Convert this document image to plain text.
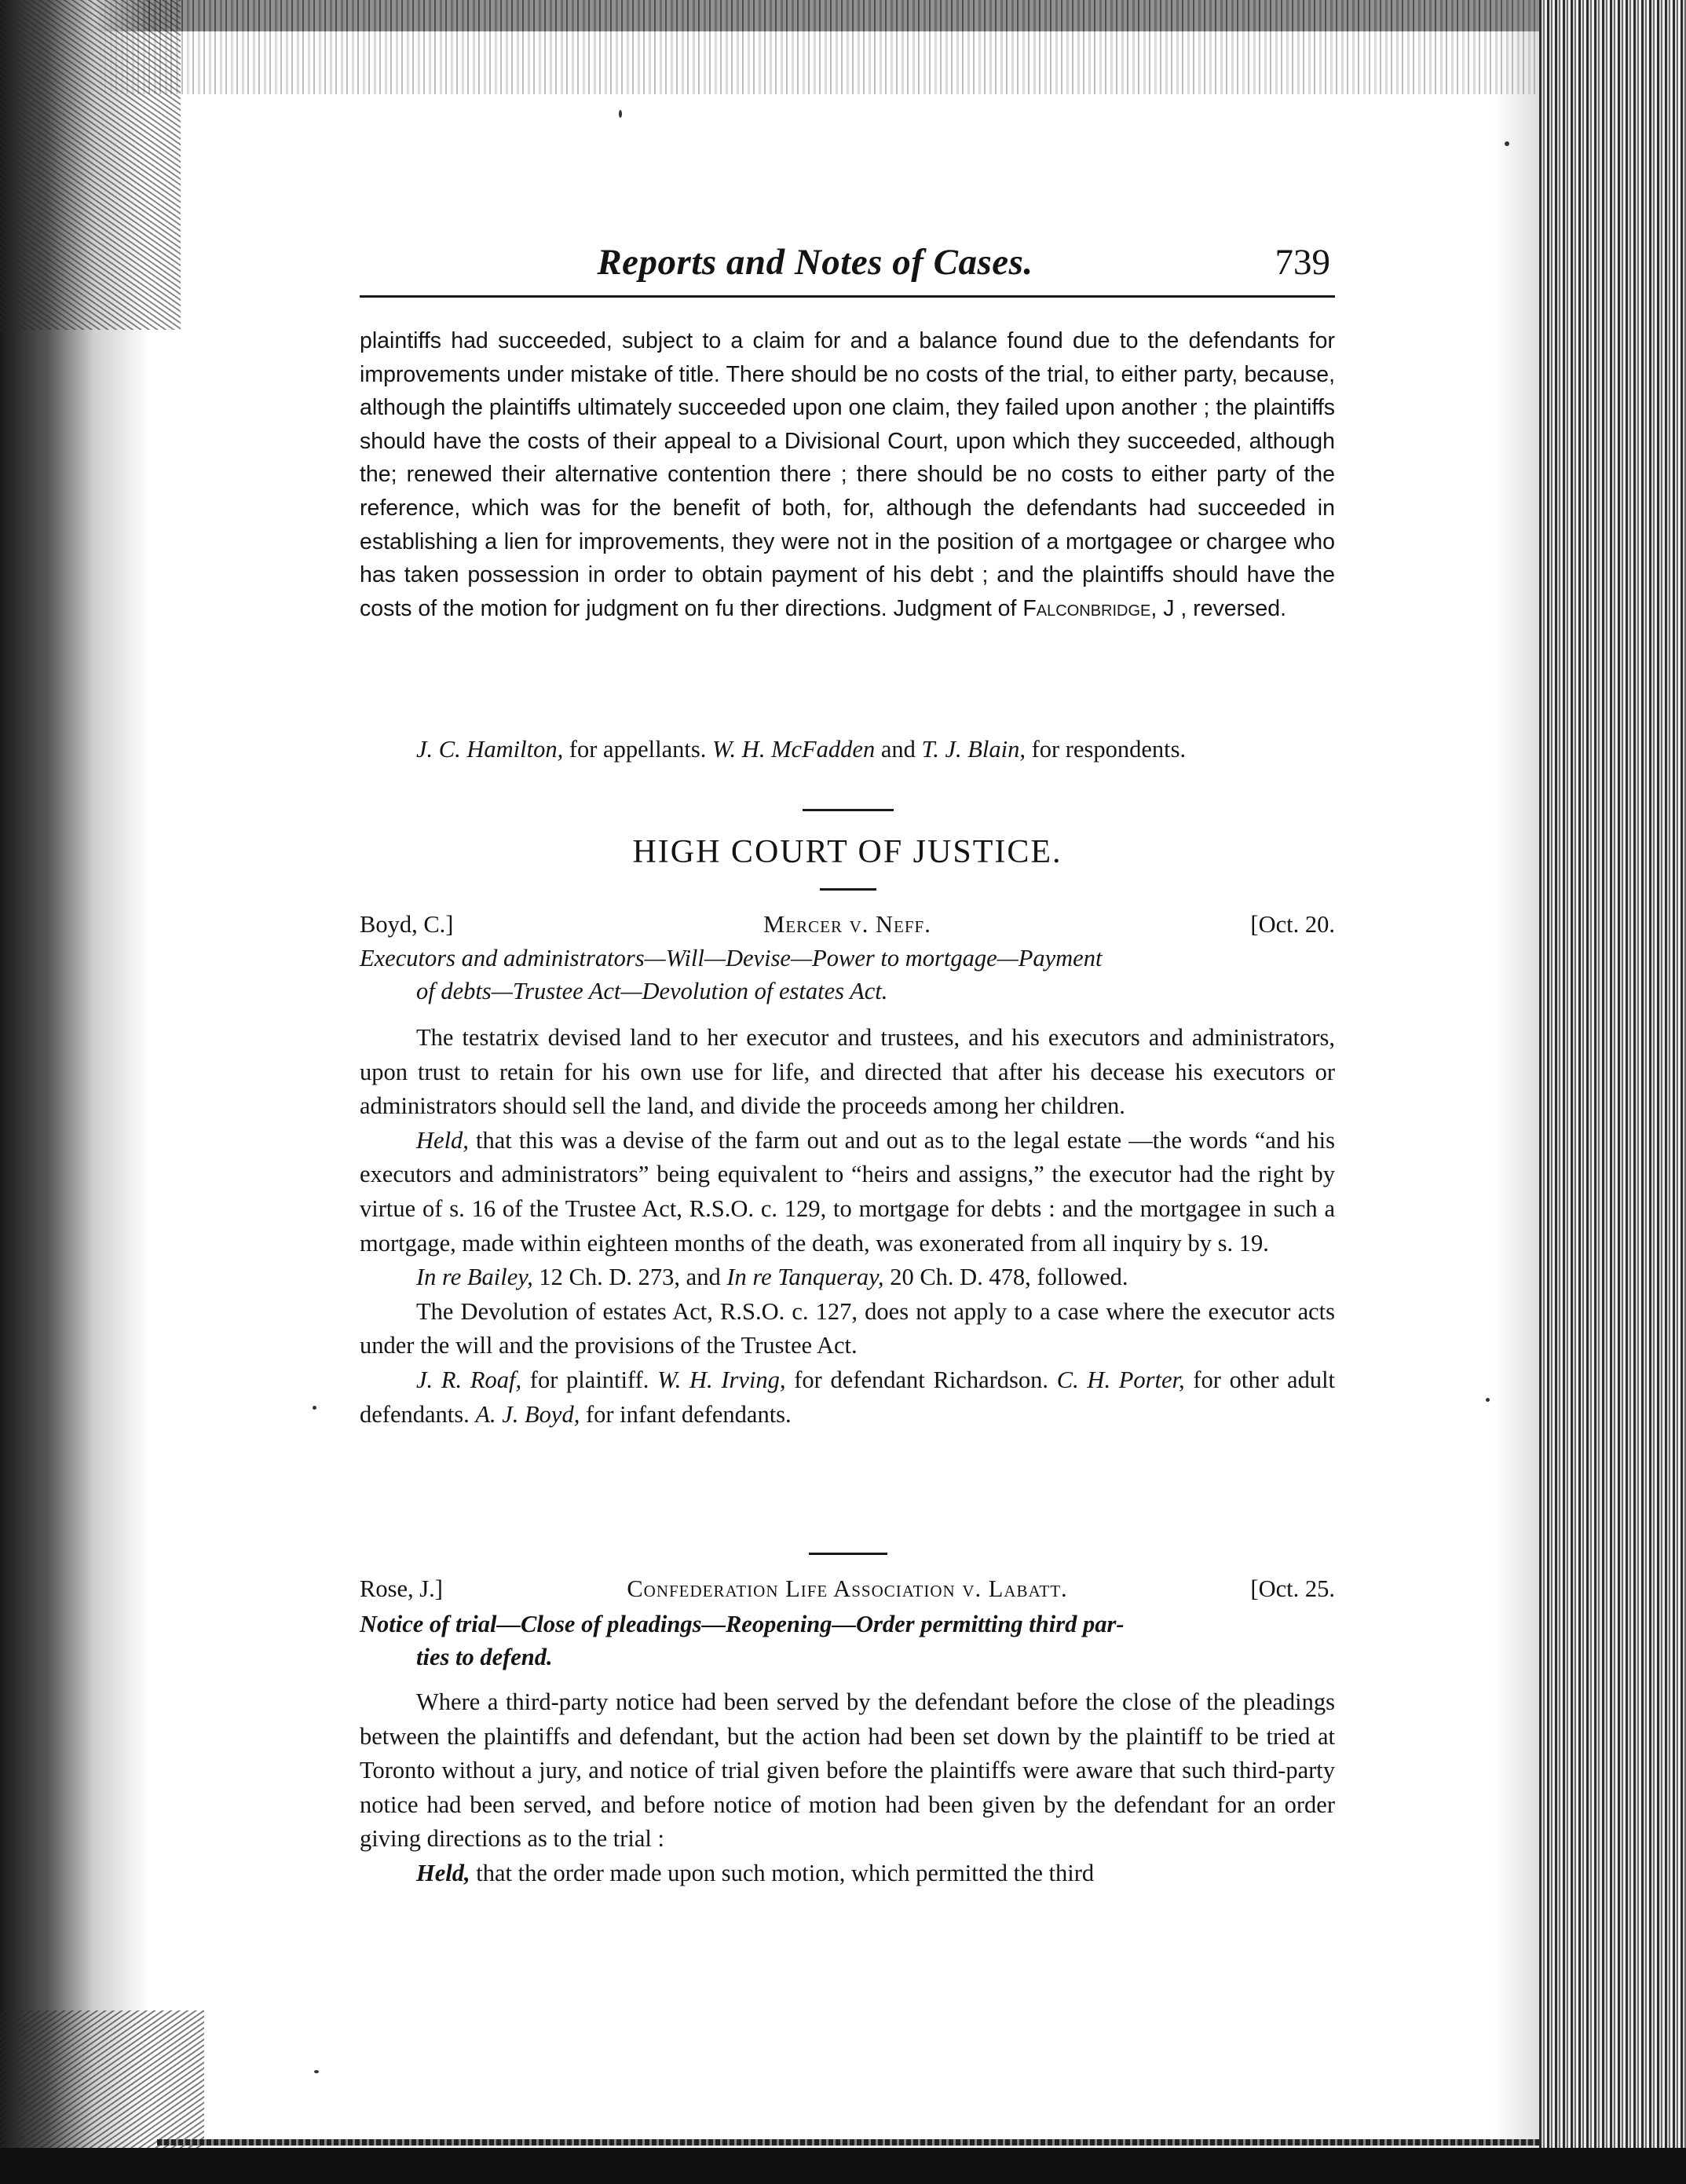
Reports and Notes of Cases.	739

plaintiffs had succeeded, subject to a claim for and a balance found due to the defendants for improvements under mistake of title. There should be no costs of the trial, to either party, because, although the plaintiffs ultimately succeeded upon one claim, they failed upon another ; the plaintiffs should have the costs of their appeal to a Divisional Court, upon which they succeeded, although the; renewed their alternative contention there ; there should be no costs to either party of the reference, which was for the benefit of both, for, although the defendants had succeeded in establishing a lien for improvements, they were not in the position of a mortgagee or chargee who has taken possession in order to obtain payment of his debt ; and the plaintiffs should have the costs of the motion for judgment on fu ther directions. Judgment of Falconbridge, J , reversed.

J. C. Hamilton, for appellants. W. H. McFadden and T. J. Blain, for respondents.

HIGH COURT OF JUSTICE.
Boyd, C.]	Mercer v. Neff.	[Oct. 20.
Executors and administrators—Will—Devise—Power to mortgage—Payment
of debts—Trustee Act—Devolution of estates Act.

The testatrix devised land to her executor and trustees, and his executors and administrators, upon trust to retain for his own use for life, and directed that after his decease his executors or administrators should sell the land, and divide the proceeds among her children.

Held, that this was a devise of the farm out and out as to the legal estate —the words “and his executors and administrators” being equivalent to “heirs and assigns,” the executor had the right by virtue of s. 16 of the Trustee Act, R.S.O. c. 129, to mortgage for debts : and the mortgagee in such a mortgage, made within eighteen months of the death, was exonerated from all inquiry by s. 19.

In re Bailey, 12 Ch. D. 273, and In re Tanqueray, 20 Ch. D. 478, followed.

The Devolution of estates Act, R.S.O. c. 127, does not apply to a case where the executor acts under the will and the provisions of the Trustee Act.

J. R. Roaf, for plaintiff. W. H. Irving, for defendant Richardson. C. H. Porter, for other adult defendants. A. J. Boyd, for infant defendants.

Rose, J.]	Confederation Life Association v. Labatt.	[Oct. 25.
Notice of trial—Close of pleadings—Reopening—Order permitting third par-
ties to defend.

Where a third-party notice had been served by the defendant before the close of the pleadings between the plaintiffs and defendant, but the action had been set down by the plaintiff to be tried at Toronto without a jury, and notice of trial given before the plaintiffs were aware that such third-party notice had been served, and before notice of motion had been given by the defendant for an order giving directions as to the trial :

Held, that the order made upon such motion, which permitted the third
